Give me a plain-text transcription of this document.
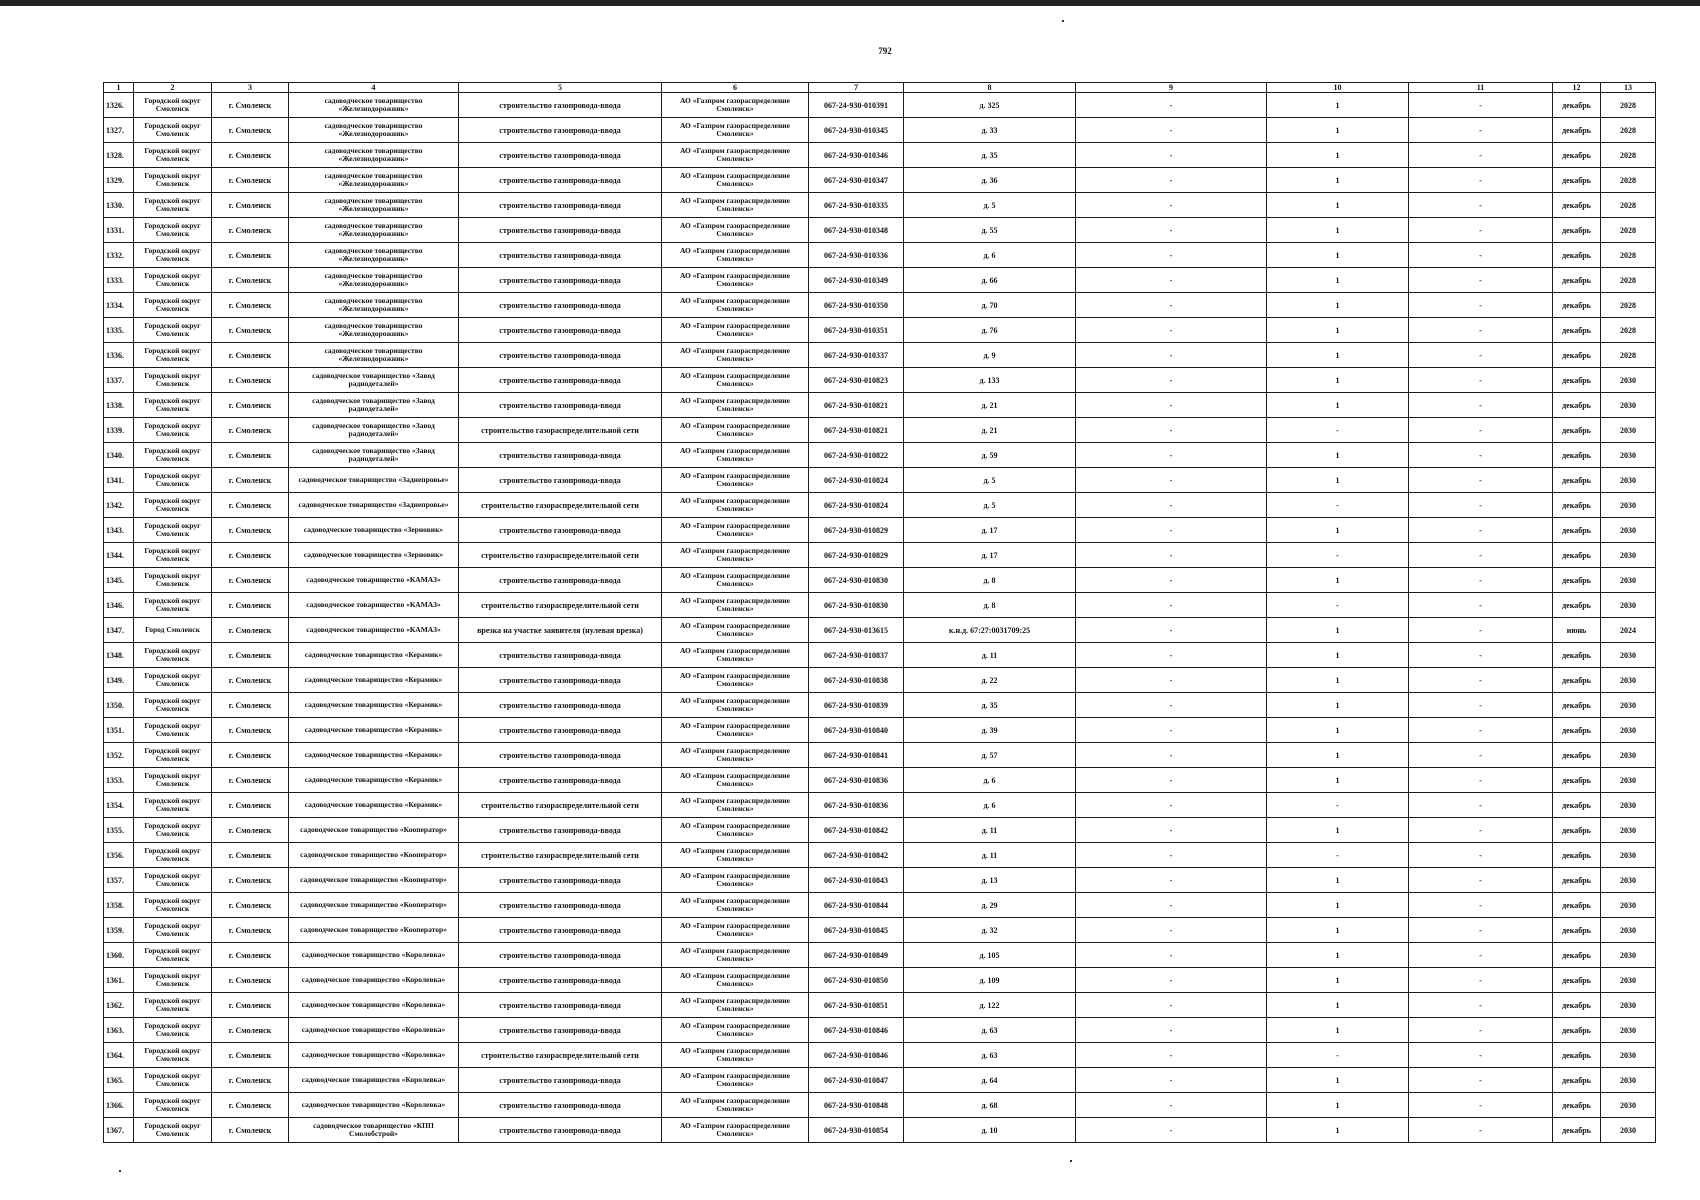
792
1	2	3	4	5	6	7	8	9	10	11	12	13
1326.	Городской округ Смоленск	г. Смоленск	садоводческое товарищество «Железнодорожник»	строительство газопровода-ввода	АО «Газпром газораспределение Смоленск»	067-24-930-010391	д. 325	-	1	-	декабрь	2028
1327.	Городской округ Смоленск	г. Смоленск	садоводческое товарищество «Железнодорожник»	строительство газопровода-ввода	АО «Газпром газораспределение Смоленск»	067-24-930-010345	д. 33	-	1	-	декабрь	2028
1328.	Городской округ Смоленск	г. Смоленск	садоводческое товарищество «Железнодорожник»	строительство газопровода-ввода	АО «Газпром газораспределение Смоленск»	067-24-930-010346	д. 35	-	1	-	декабрь	2028
1329.	Городской округ Смоленск	г. Смоленск	садоводческое товарищество «Железнодорожник»	строительство газопровода-ввода	АО «Газпром газораспределение Смоленск»	067-24-930-010347	д. 36	-	1	-	декабрь	2028
1330.	Городской округ Смоленск	г. Смоленск	садоводческое товарищество «Железнодорожник»	строительство газопровода-ввода	АО «Газпром газораспределение Смоленск»	067-24-930-010335	д. 5	-	1	-	декабрь	2028
1331.	Городской округ Смоленск	г. Смоленск	садоводческое товарищество «Железнодорожник»	строительство газопровода-ввода	АО «Газпром газораспределение Смоленск»	067-24-930-010348	д. 55	-	1	-	декабрь	2028
1332.	Городской округ Смоленск	г. Смоленск	садоводческое товарищество «Железнодорожник»	строительство газопровода-ввода	АО «Газпром газораспределение Смоленск»	067-24-930-010336	д. 6	-	1	-	декабрь	2028
1333.	Городской округ Смоленск	г. Смоленск	садоводческое товарищество «Железнодорожник»	строительство газопровода-ввода	АО «Газпром газораспределение Смоленск»	067-24-930-010349	д. 66	-	1	-	декабрь	2028
1334.	Городской округ Смоленск	г. Смоленск	садоводческое товарищество «Железнодорожник»	строительство газопровода-ввода	АО «Газпром газораспределение Смоленск»	067-24-930-010350	д. 70	-	1	-	декабрь	2028
1335.	Городской округ Смоленск	г. Смоленск	садоводческое товарищество «Железнодорожник»	строительство газопровода-ввода	АО «Газпром газораспределение Смоленск»	067-24-930-010351	д. 76	-	1	-	декабрь	2028
1336.	Городской округ Смоленск	г. Смоленск	садоводческое товарищество «Железнодорожник»	строительство газопровода-ввода	АО «Газпром газораспределение Смоленск»	067-24-930-010337	д. 9	-	1	-	декабрь	2028
1337.	Городской округ Смоленск	г. Смоленск	садоводческое товарищество «Завод радиодеталей»	строительство газопровода-ввода	АО «Газпром газораспределение Смоленск»	067-24-930-010823	д. 133	-	1	-	декабрь	2030
1338.	Городской округ Смоленск	г. Смоленск	садоводческое товарищество «Завод радиодеталей»	строительство газопровода-ввода	АО «Газпром газораспределение Смоленск»	067-24-930-010821	д. 21	-	1	-	декабрь	2030
1339.	Городской округ Смоленск	г. Смоленск	садоводческое товарищество «Завод радиодеталей»	строительство газораспределительной сети	АО «Газпром газораспределение Смоленск»	067-24-930-010821	д. 21	-	-	-	декабрь	2030
1340.	Городской округ Смоленск	г. Смоленск	садоводческое товарищество «Завод радиодеталей»	строительство газопровода-ввода	АО «Газпром газораспределение Смоленск»	067-24-930-010822	д. 59	-	1	-	декабрь	2030
1341.	Городской округ Смоленск	г. Смоленск	садоводческое товарищество «Заднепровье»	строительство газопровода-ввода	АО «Газпром газораспределение Смоленск»	067-24-930-010824	д. 5	-	1	-	декабрь	2030
1342.	Городской округ Смоленск	г. Смоленск	садоводческое товарищество «Заднепровье»	строительство газораспределительной сети	АО «Газпром газораспределение Смоленск»	067-24-930-010824	д. 5	-	-	-	декабрь	2030
1343.	Городской округ Смоленск	г. Смоленск	садоводческое товарищество «Зерновик»	строительство газопровода-ввода	АО «Газпром газораспределение Смоленск»	067-24-930-010829	д. 17	-	1	-	декабрь	2030
1344.	Городской округ Смоленск	г. Смоленск	садоводческое товарищество «Зерновик»	строительство газораспределительной сети	АО «Газпром газораспределение Смоленск»	067-24-930-010829	д. 17	-	-	-	декабрь	2030
1345.	Городской округ Смоленск	г. Смоленск	садоводческое товарищество «КАМАЗ»	строительство газопровода-ввода	АО «Газпром газораспределение Смоленск»	067-24-930-010830	д. 8	-	1	-	декабрь	2030
1346.	Городской округ Смоленск	г. Смоленск	садоводческое товарищество «КАМАЗ»	строительство газораспределительной сети	АО «Газпром газораспределение Смоленск»	067-24-930-010830	д. 8	-	-	-	декабрь	2030
1347.	Город Смоленск	г. Смоленск	садоводческое товарищество «КАМАЗ»	врезка на участке заявителя (нулевая врезка)	АО «Газпром газораспределение Смоленск»	067-24-930-013615	к.н.д. 67:27:0031709:25	-	1	-	июнь	2024
1348.	Городской округ Смоленск	г. Смоленск	садоводческое товарищество «Керамик»	строительство газопровода-ввода	АО «Газпром газораспределение Смоленск»	067-24-930-010837	д. 11	-	1	-	декабрь	2030
1349.	Городской округ Смоленск	г. Смоленск	садоводческое товарищество «Керамик»	строительство газопровода-ввода	АО «Газпром газораспределение Смоленск»	067-24-930-010838	д. 22	-	1	-	декабрь	2030
1350.	Городской округ Смоленск	г. Смоленск	садоводческое товарищество «Керамик»	строительство газопровода-ввода	АО «Газпром газораспределение Смоленск»	067-24-930-010839	д. 35	-	1	-	декабрь	2030
1351.	Городской округ Смоленск	г. Смоленск	садоводческое товарищество «Керамик»	строительство газопровода-ввода	АО «Газпром газораспределение Смоленск»	067-24-930-010840	д. 39	-	1	-	декабрь	2030
1352.	Городской округ Смоленск	г. Смоленск	садоводческое товарищество «Керамик»	строительство газопровода-ввода	АО «Газпром газораспределение Смоленск»	067-24-930-010841	д. 57	-	1	-	декабрь	2030
1353.	Городской округ Смоленск	г. Смоленск	садоводческое товарищество «Керамик»	строительство газопровода-ввода	АО «Газпром газораспределение Смоленск»	067-24-930-010836	д. 6	-	1	-	декабрь	2030
1354.	Городской округ Смоленск	г. Смоленск	садоводческое товарищество «Керамик»	строительство газораспределительной сети	АО «Газпром газораспределение Смоленск»	067-24-930-010836	д. 6	-	-	-	декабрь	2030
1355.	Городской округ Смоленск	г. Смоленск	садоводческое товарищество «Кооператор»	строительство газопровода-ввода	АО «Газпром газораспределение Смоленск»	067-24-930-010842	д. 11	-	1	-	декабрь	2030
1356.	Городской округ Смоленск	г. Смоленск	садоводческое товарищество «Кооператор»	строительство газораспределительной сети	АО «Газпром газораспределение Смоленск»	067-24-930-010842	д. 11	-	-	-	декабрь	2030
1357.	Городской округ Смоленск	г. Смоленск	садоводческое товарищество «Кооператор»	строительство газопровода-ввода	АО «Газпром газораспределение Смоленск»	067-24-930-010843	д. 13	-	1	-	декабрь	2030
1358.	Городской округ Смоленск	г. Смоленск	садоводческое товарищество «Кооператор»	строительство газопровода-ввода	АО «Газпром газораспределение Смоленск»	067-24-930-010844	д. 29	-	1	-	декабрь	2030
1359.	Городской округ Смоленск	г. Смоленск	садоводческое товарищество «Кооператор»	строительство газопровода-ввода	АО «Газпром газораспределение Смоленск»	067-24-930-010845	д. 32	-	1	-	декабрь	2030
1360.	Городской округ Смоленск	г. Смоленск	садоводческое товарищество «Королевка»	строительство газопровода-ввода	АО «Газпром газораспределение Смоленск»	067-24-930-010849	д. 105	-	1	-	декабрь	2030
1361.	Городской округ Смоленск	г. Смоленск	садоводческое товарищество «Королевка»	строительство газопровода-ввода	АО «Газпром газораспределение Смоленск»	067-24-930-010850	д. 109	-	1	-	декабрь	2030
1362.	Городской округ Смоленск	г. Смоленск	садоводческое товарищество «Королевка»	строительство газопровода-ввода	АО «Газпром газораспределение Смоленск»	067-24-930-010851	д. 122	-	1	-	декабрь	2030
1363.	Городской округ Смоленск	г. Смоленск	садоводческое товарищество «Королевка»	строительство газопровода-ввода	АО «Газпром газораспределение Смоленск»	067-24-930-010846	д. 63	-	1	-	декабрь	2030
1364.	Городской округ Смоленск	г. Смоленск	садоводческое товарищество «Королевка»	строительство газораспределительной сети	АО «Газпром газораспределение Смоленск»	067-24-930-010846	д. 63	-	-	-	декабрь	2030
1365.	Городской округ Смоленск	г. Смоленск	садоводческое товарищество «Королевка»	строительство газопровода-ввода	АО «Газпром газораспределение Смоленск»	067-24-930-010847	д. 64	-	1	-	декабрь	2030
1366.	Городской округ Смоленск	г. Смоленск	садоводческое товарищество «Королевка»	строительство газопровода-ввода	АО «Газпром газораспределение Смоленск»	067-24-930-010848	д. 68	-	1	-	декабрь	2030
1367.	Городской округ Смоленск	г. Смоленск	садоводческое товарищество «КПП Смолобстрой»	строительство газопровода-ввода	АО «Газпром газораспределение Смоленск»	067-24-930-010854	д. 10	-	1	-	декабрь	2030
